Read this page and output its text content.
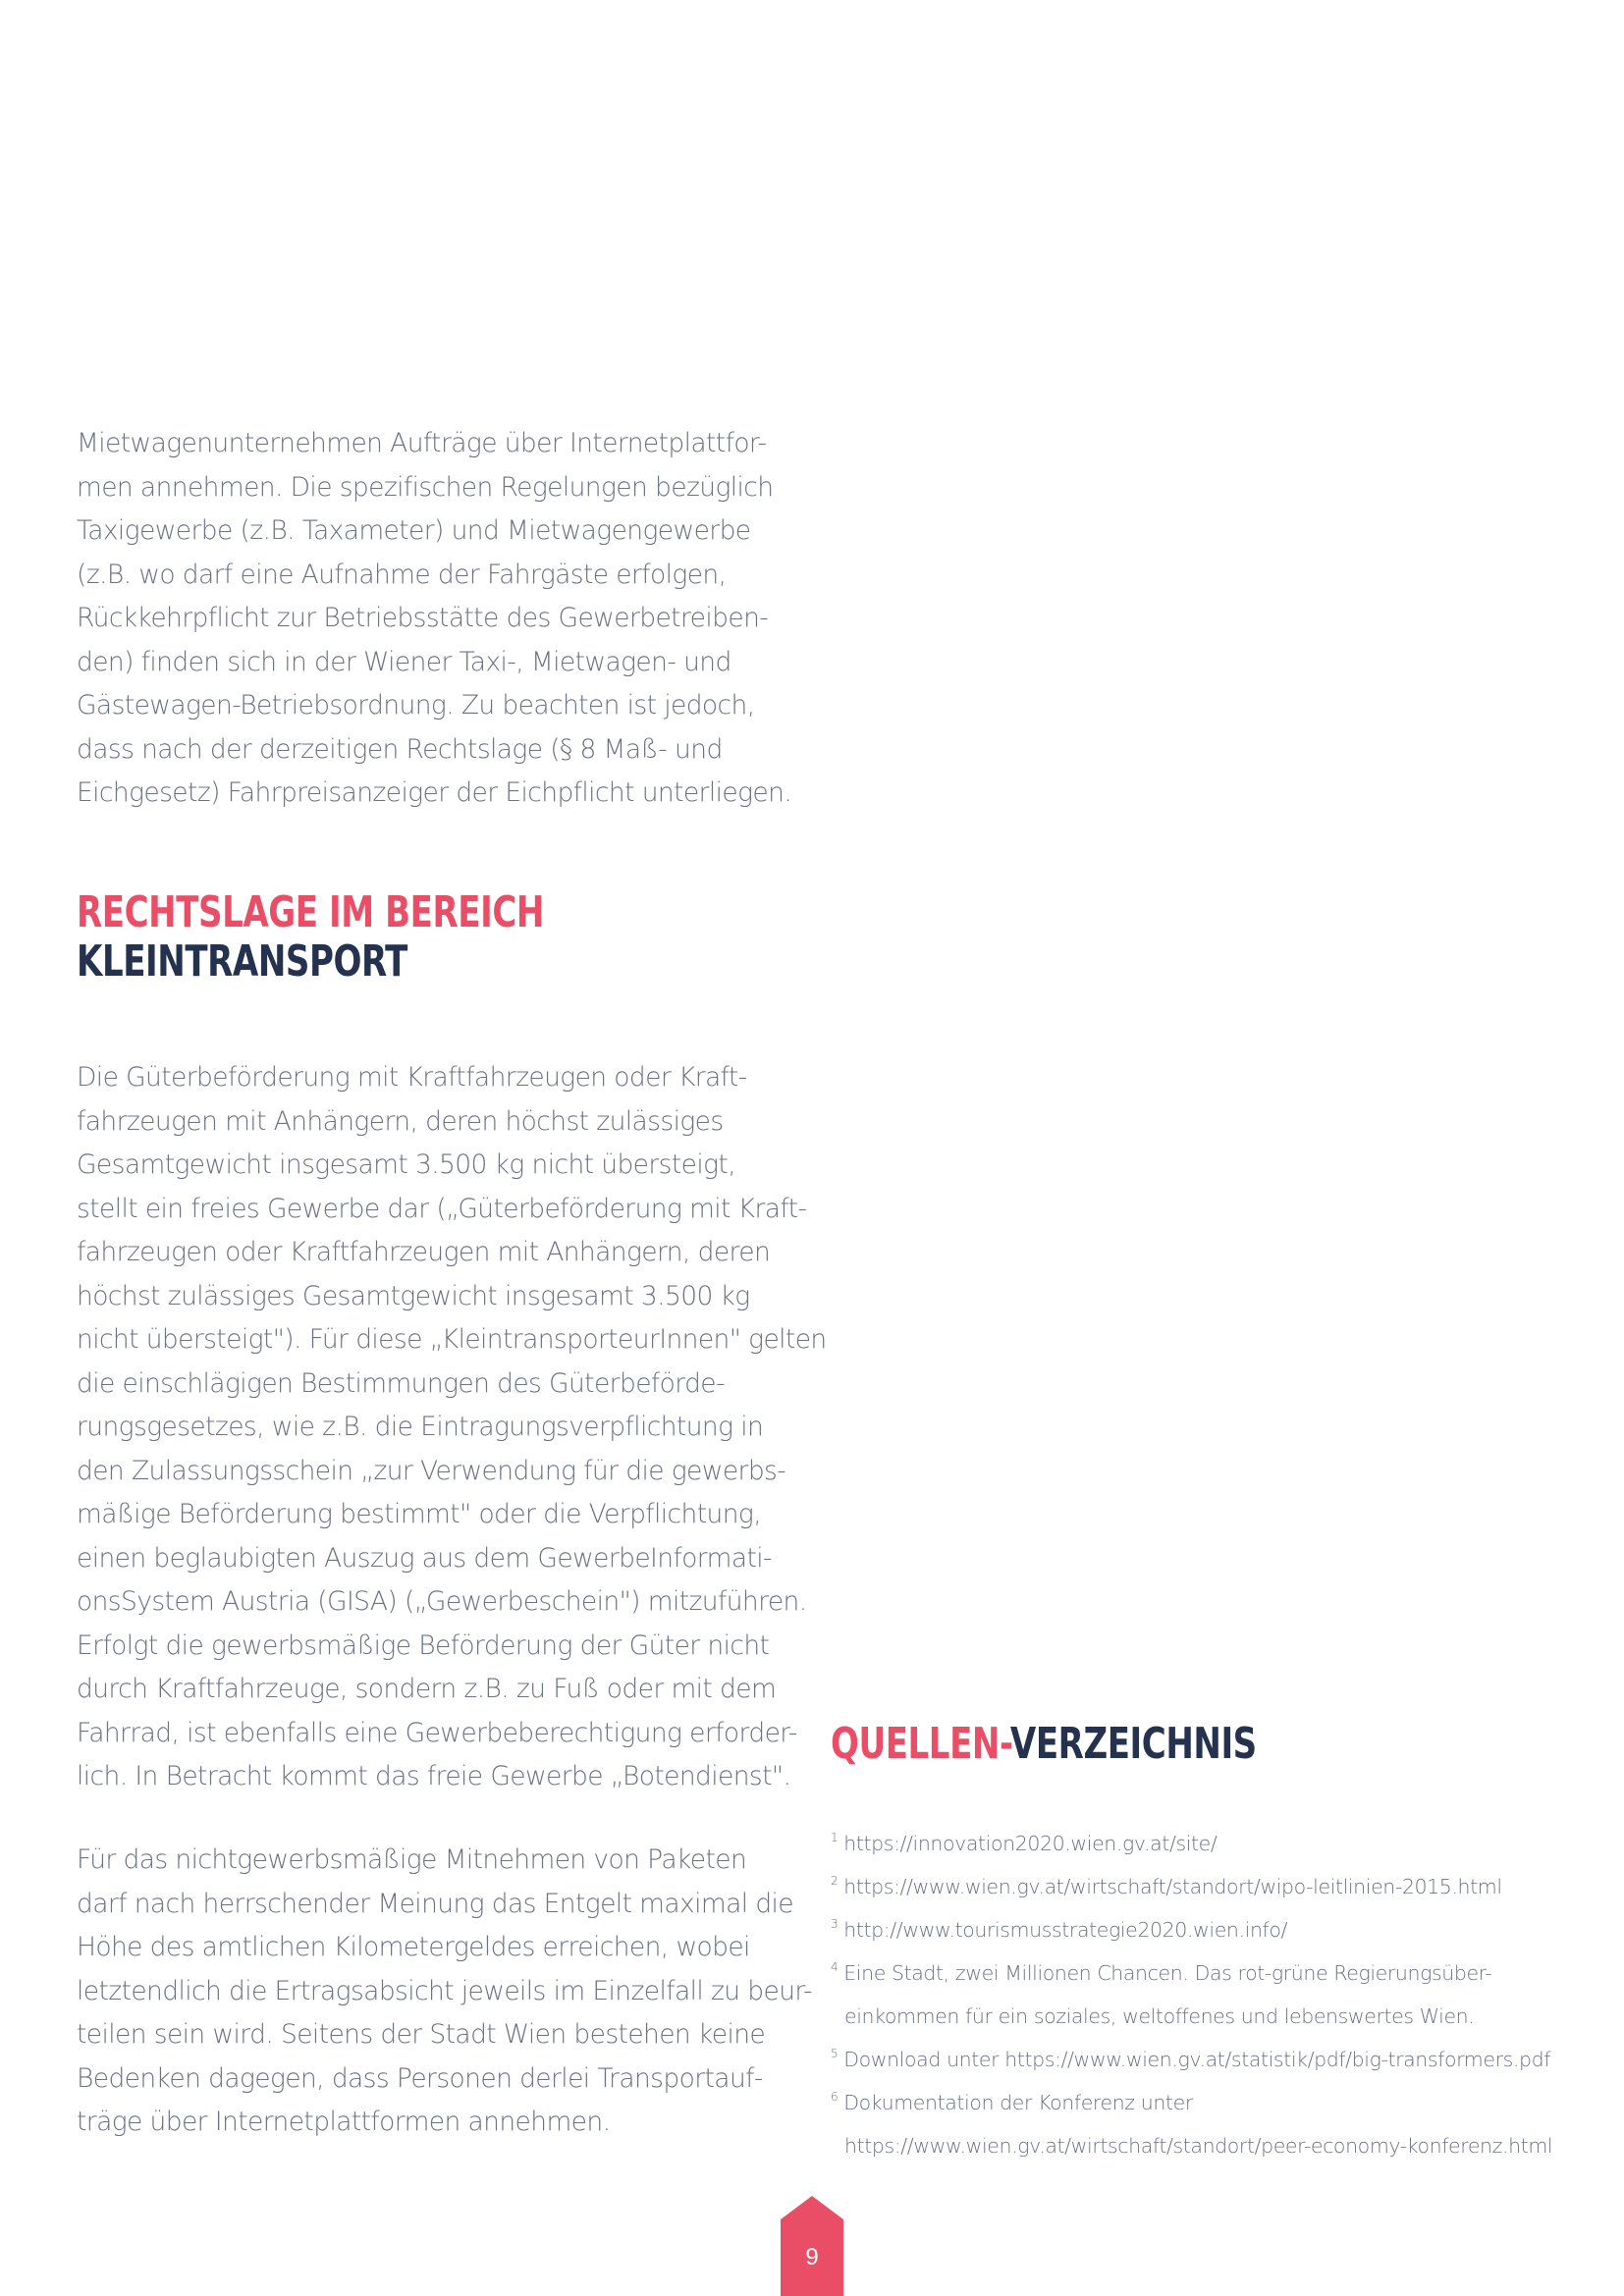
Mietwagenunternehmen Aufträge über Internetplattfor-
men annehmen. Die spezifischen Regelungen bezüglich
Taxigewerbe (z.B. Taxameter) und Mietwagengewerbe
(z.B. wo darf eine Aufnahme der Fahrgäste erfolgen,
Rückkehrpflicht zur Betriebsstätte des Gewerbetreiben-
den) finden sich in der Wiener Taxi-, Mietwagen- und
Gästewagen-Betriebsordnung. Zu beachten ist jedoch,
dass nach der derzeitigen Rechtslage (§ 8 Maß- und
Eichgesetz) Fahrpreisanzeiger der Eichpflicht unterliegen.
RECHTSLAGE IM BEREICH
KLEINTRANSPORT
Die Güterbeförderung mit Kraftfahrzeugen oder Kraft-
fahrzeugen mit Anhängern, deren höchst zulässiges
Gesamtgewicht insgesamt 3.500 kg nicht übersteigt,
stellt ein freies Gewerbe dar („Güterbeförderung mit Kraft-
fahrzeugen oder Kraftfahrzeugen mit Anhängern, deren
höchst zulässiges Gesamtgewicht insgesamt 3.500 kg
nicht übersteigt"). Für diese „KleintransporteurInnen" gelten
die einschlägigen Bestimmungen des Güterbeförde-
rungsgesetzes, wie z.B. die Eintragungsverpflichtung in
den Zulassungsschein „zur Verwendung für die gewerbs-
mäßige Beförderung bestimmt" oder die Verpflichtung,
einen beglaubigten Auszug aus dem GewerbeInformati-
onsSystem Austria (GISA) („Gewerbeschein") mitzuführen.
Erfolgt die gewerbsmäßige Beförderung der Güter nicht
durch Kraftfahrzeuge, sondern z.B. zu Fuß oder mit dem
Fahrrad, ist ebenfalls eine Gewerbeberechtigung erforder-
lich. In Betracht kommt das freie Gewerbe „Botendienst".
Für das nichtgewerbsmäßige Mitnehmen von Paketen
darf nach herrschender Meinung das Entgelt maximal die
Höhe des amtlichen Kilometergeldes erreichen, wobei
letztendlich die Ertragsabsicht jeweils im Einzelfall zu beur-
teilen sein wird. Seitens der Stadt Wien bestehen keine
Bedenken dagegen, dass Personen derlei Transportauf-
träge über Internetplattformen annehmen.
QUELLEN-VERZEICHNIS
$^1$ https://innovation2020.wien.gv.at/site/
$^2$ https://www.wien.gv.at/wirtschaft/standort/wipo-leitlinien-2015.html
$^3$ http://www.tourismusstrategie2020.wien.info/
$^4$ Eine Stadt, zwei Millionen Chancen. Das rot-grüne Regierungsüber-
einkommen für ein soziales, weltoffenes und lebenswertes Wien.
$^5$ Download unter https://www.wien.gv.at/statistik/pdf/big-transformers.pdf
$^6$ Dokumentation der Konferenz unter
https://www.wien.gv.at/wirtschaft/standort/peer-economy-konferenz.html
9
